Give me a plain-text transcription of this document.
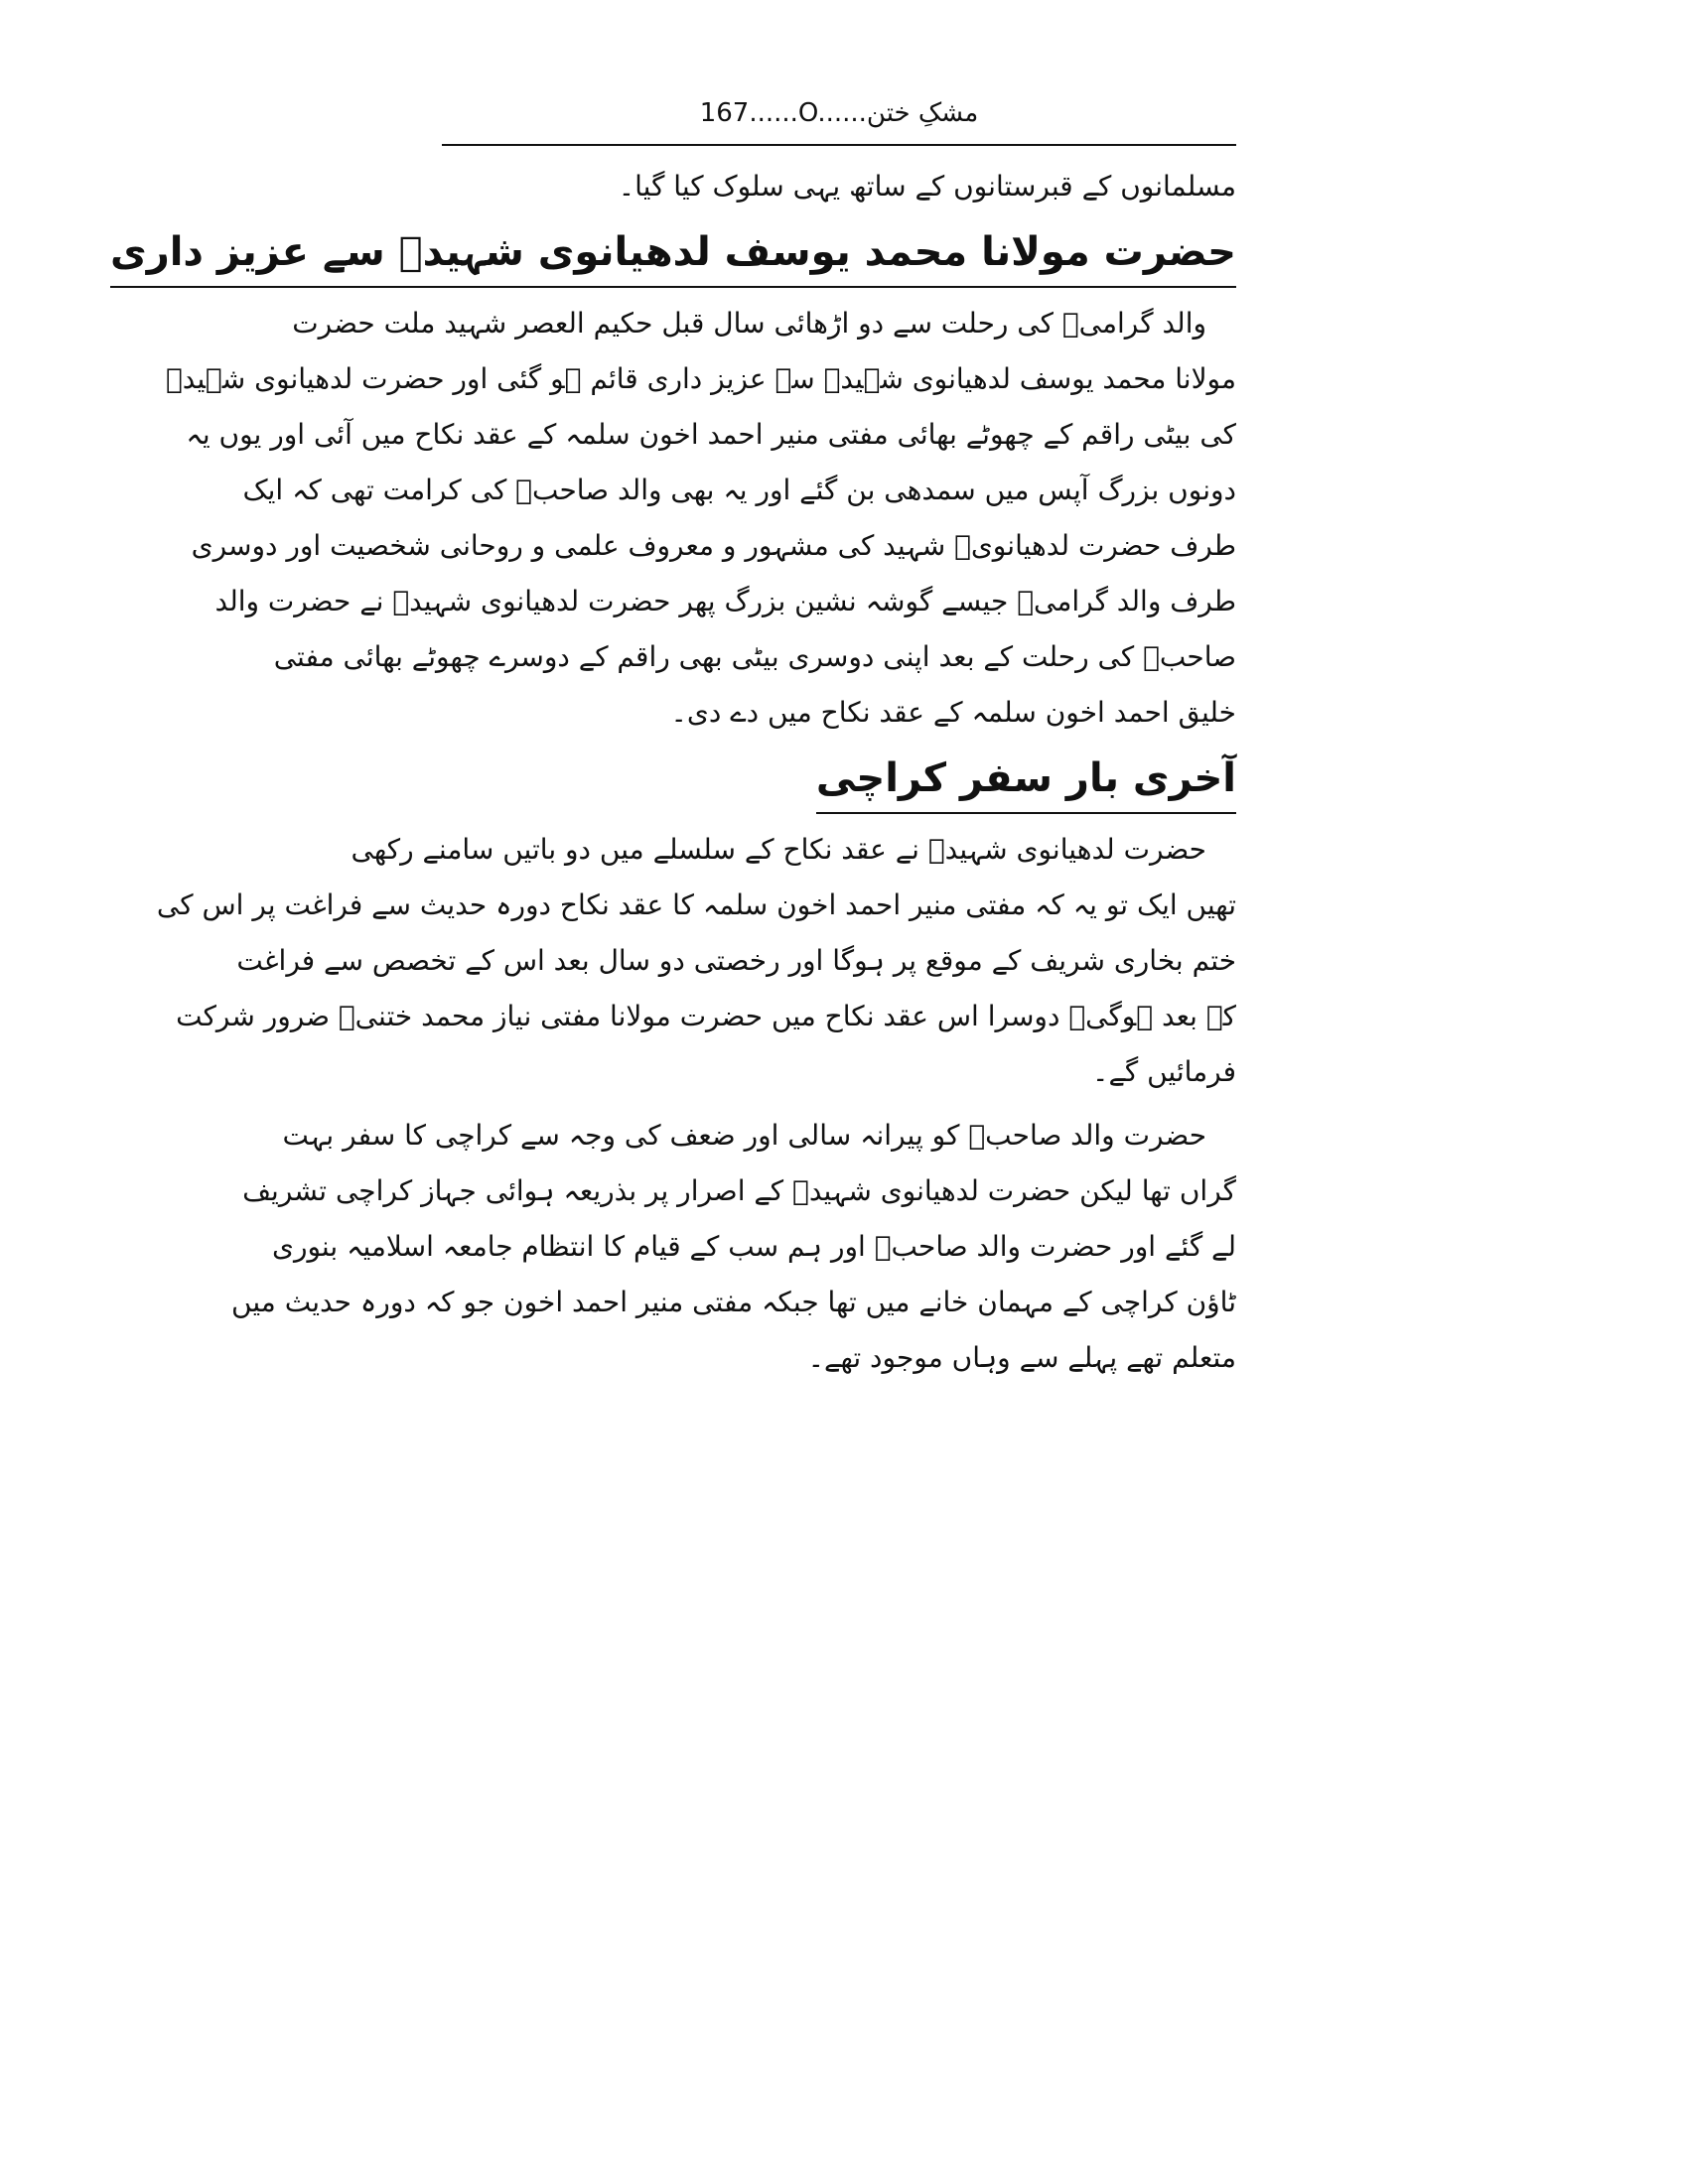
167......O......مشکِ ختن
مسلمانوں کے قبرستانوں کے ساتھ یہی سلوک کیا گیا۔
حضرت مولانا محمد یوسف لدھیانوی شہیدؒ سے عزیز داری
والد گرامیؒ کی رحلت سے دو اڑھائی سال قبل حکیم العصر شہید ملت حضرت
مولانا محمد یوسف لدھیانوی شہیدؒ سے عزیز داری قائم ہو گئی اور حضرت لدھیانوی شہیدؒ
کی بیٹی راقم کے چھوٹے بھائی مفتی منیر احمد اخون سلمہ کے عقد نکاح میں آئی اور یوں یہ
دونوں بزرگ آپس میں سمدھی بن گئے اور یہ بھی والد صاحبؒ کی کرامت تھی کہ ایک
طرف حضرت لدھیانویؒ شہید کی مشہور و معروف علمی و روحانی شخصیت اور دوسری
طرف والد گرامیؒ جیسے گوشہ نشین بزرگ پھر حضرت لدھیانوی شہیدؒ نے حضرت والد
صاحبؒ کی رحلت کے بعد اپنی دوسری بیٹی بھی راقم کے دوسرے چھوٹے بھائی مفتی
خلیق احمد اخون سلمہ کے عقد نکاح میں دے دی۔
آخری بار سفر کراچی
حضرت لدھیانوی شہیدؒ نے عقد نکاح کے سلسلے میں دو باتیں سامنے رکھی
تھیں ایک تو یہ کہ مفتی منیر احمد اخون سلمہ کا عقد نکاح دورہ حدیث سے فراغت پر اس کی
ختم بخاری شریف کے موقع پر ہوگا اور رخصتی دو سال بعد اس کے تخصص سے فراغت
کے بعد ہوگی۔ دوسرا اس عقد نکاح میں حضرت مولانا مفتی نیاز محمد ختنیؒ ضرور شرکت
فرمائیں گے۔
حضرت والد صاحبؒ کو پیرانہ سالی اور ضعف کی وجہ سے کراچی کا سفر بہت
گراں تھا لیکن حضرت لدھیانوی شہیدؒ کے اصرار پر بذریعہ ہوائی جہاز کراچی تشریف
لے گئے اور حضرت والد صاحبؒ اور ہم سب کے قیام کا انتظام جامعہ اسلامیہ بنوری
ٹاؤن کراچی کے مہمان خانے میں تھا جبکہ مفتی منیر احمد اخون جو کہ دورہ حدیث میں
متعلم تھے پہلے سے وہاں موجود تھے۔
